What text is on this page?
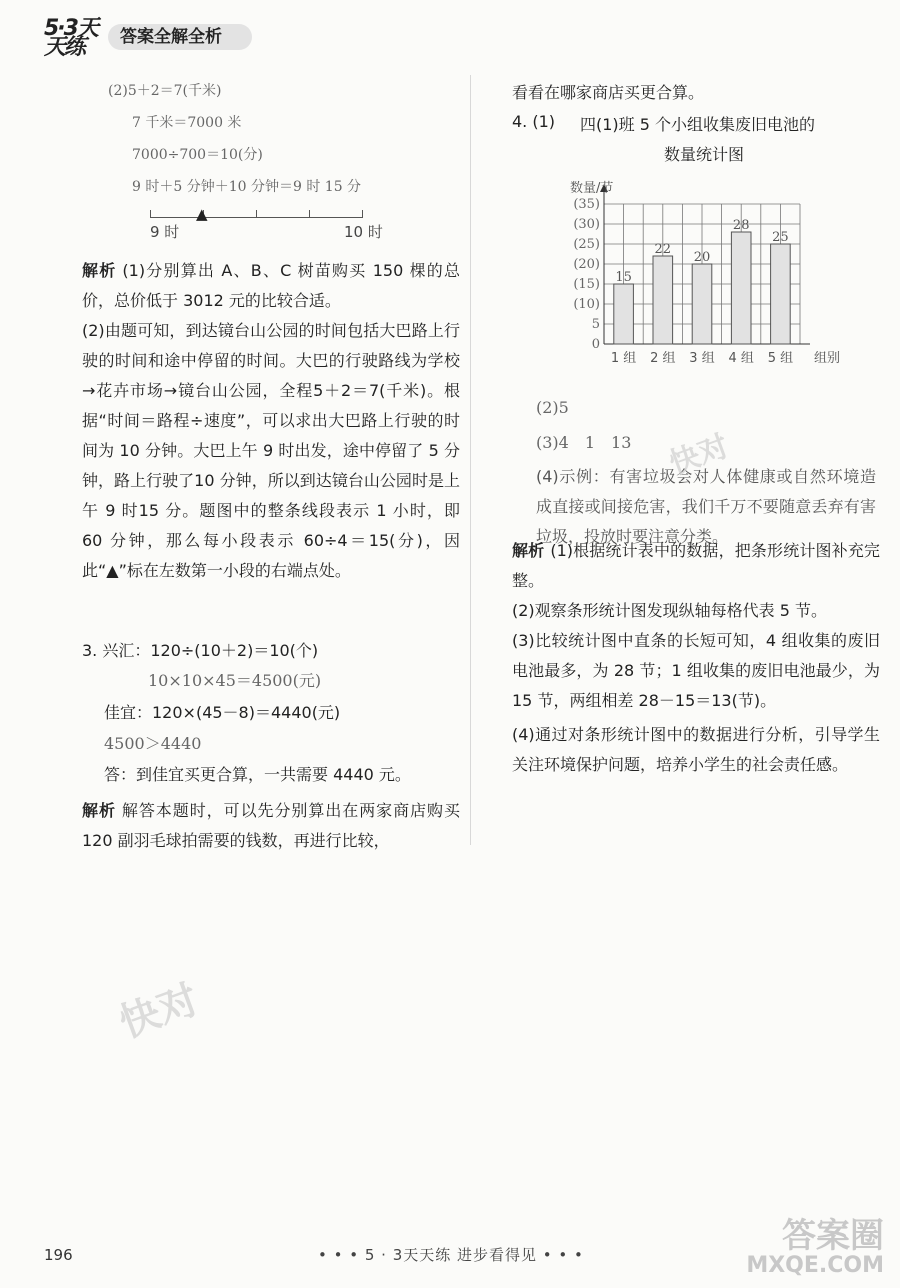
5·3天天练	答案全解全析
(2)5＋2＝7(千米)
7 千米＝7000 米
7000÷700＝10(分)
9 时＋5 分钟＋10 分钟＝9 时 15 分
▲
9 时	10 时
解析 (1)分别算出 A、B、C 树苗购买 150 棵的总价，总价低于 3012 元的比较合适。
(2)由题可知，到达镜台山公园的时间包括大巴路上行驶的时间和途中停留的时间。大巴的行驶路线为学校→花卉市场→镜台山公园，全程5＋2＝7(千米)。根据“时间＝路程÷速度”，可以求出大巴路上行驶的时间为 10 分钟。大巴上午 9 时出发，途中停留了 5 分钟，路上行驶了10 分钟，所以到达镜台山公园时是上午 9 时15 分。题图中的整条线段表示 1 小时，即 60 分钟，那么每小段表示 60÷4＝15(分)，因此“▲”标在左数第一小段的右端点处。
3. 兴汇：120÷(10＋2)＝10(个)
10×10×45＝4500(元)
佳宜：120×(45－8)＝4440(元)
4500＞4440
答：到佳宜买更合算，一共需要 4440 元。
解析 解答本题时，可以先分别算出在两家商店购买 120 副羽毛球拍需要的钱数，再进行比较，
看看在哪家商店买更合算。
4. (1) 四(1)班 5 个小组收集废旧电池的
数量统计图
0
5
(10)
(15)
(20)
(25)
(30)
(35)
数量/节
组别
15
1 组
22
2 组
20
3 组
28
4 组
25
5 组
(2)5
(3)4　1　13
(4)示例：有害垃圾会对人体健康或自然环境造成直接或间接危害，我们千万不要随意丢弃有害垃圾，投放时要注意分类。
解析 (1)根据统计表中的数据，把条形统计图补充完整。
(2)观察条形统计图发现纵轴每格代表 5 节。
(3)比较统计图中直条的长短可知，4 组收集的废旧电池最多，为 28 节；1 组收集的废旧电池最少，为 15 节，两组相差 28－15＝13(节)。
(4)通过对条形统计图中的数据进行分析，引导学生关注环境保护问题，培养小学生的社会责任感。
快对
快对
答案圈
MXQE.COM
196	• • • 5 · 3天天练 进步看得见 • • •
